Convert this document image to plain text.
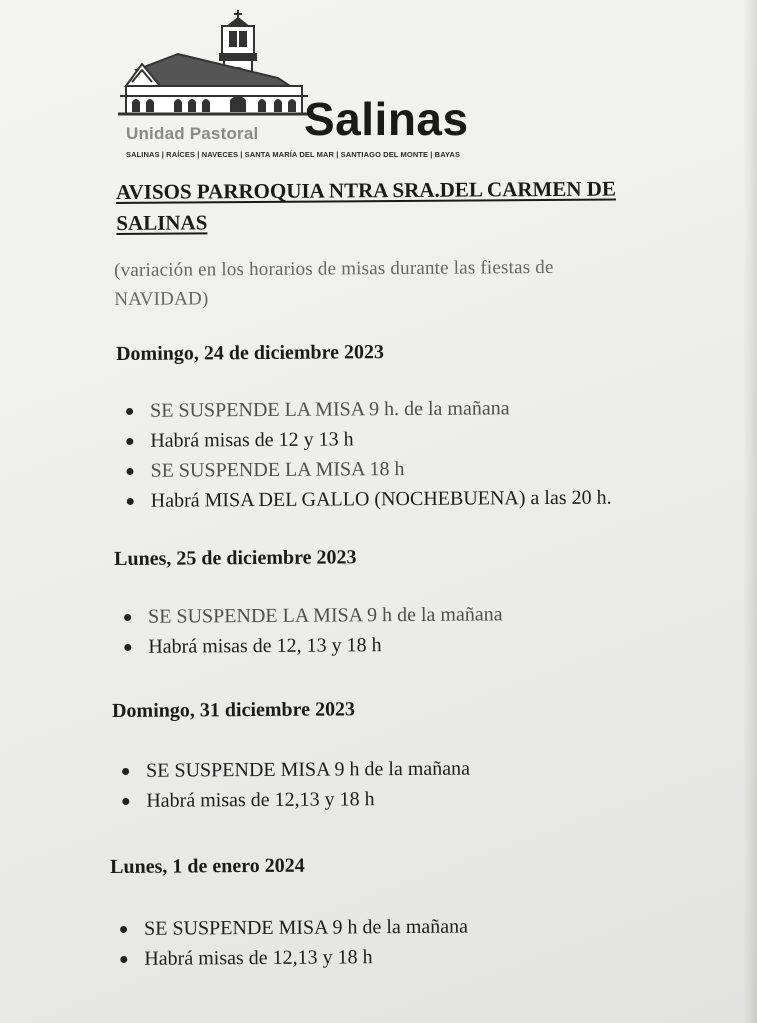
Unidad Pastoral Salinas
SALINAS | RAÍCES | NAVECES | SANTA MARÍA DEL MAR | SANTIAGO DEL MONTE | BAYAS
AVISOS PARROQUIA NTRA SRA.DEL CARMEN DE
SALINAS
(variación en los horarios de misas durante las fiestas de
NAVIDAD)
Domingo, 24 de diciembre 2023
SE SUSPENDE LA MISA 9 h. de la mañana
Habrá misas de 12 y 13 h
SE SUSPENDE LA MISA 18 h
Habrá MISA DEL GALLO (NOCHEBUENA) a las 20 h.
Lunes, 25 de diciembre 2023
SE SUSPENDE LA MISA 9 h de la mañana
Habrá misas de 12, 13 y 18 h
Domingo, 31 diciembre 2023
SE SUSPENDE MISA 9 h de la mañana
Habrá misas de 12,13 y 18 h
Lunes, 1 de enero 2024
SE SUSPENDE MISA 9 h de la mañana
Habrá misas de 12,13 y 18 h
